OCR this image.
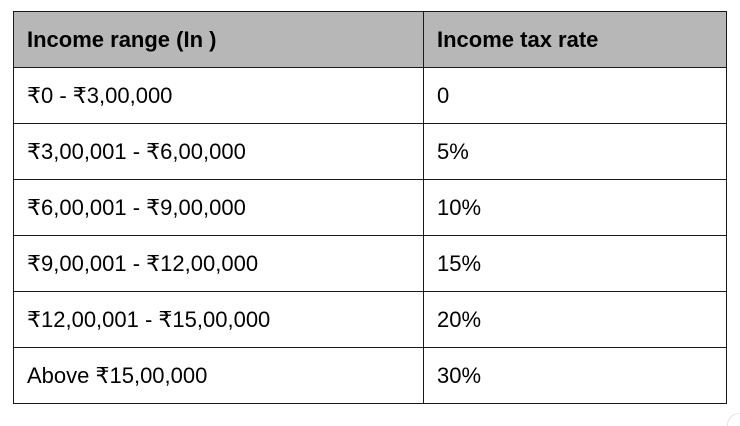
Income range (In )	Income tax rate
₹0 - ₹3,00,000	0
₹3,00,001 - ₹6,00,000	5%
₹6,00,001 - ₹9,00,000	10%
₹9,00,001 - ₹12,00,000	15%
₹12,00,001 - ₹15,00,000	20%
Above ₹15,00,000	30%
